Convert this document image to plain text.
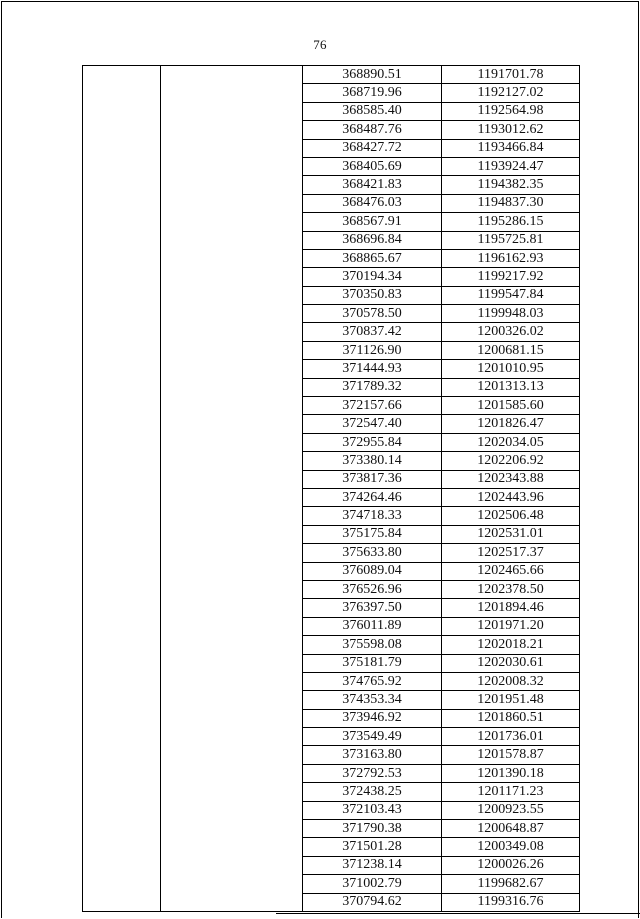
76
		368890.51	1191701.78
		368719.96	1192127.02
		368585.40	1192564.98
		368487.76	1193012.62
		368427.72	1193466.84
		368405.69	1193924.47
		368421.83	1194382.35
		368476.03	1194837.30
		368567.91	1195286.15
		368696.84	1195725.81
		368865.67	1196162.93
		370194.34	1199217.92
		370350.83	1199547.84
		370578.50	1199948.03
		370837.42	1200326.02
		371126.90	1200681.15
		371444.93	1201010.95
		371789.32	1201313.13
		372157.66	1201585.60
		372547.40	1201826.47
		372955.84	1202034.05
		373380.14	1202206.92
		373817.36	1202343.88
		374264.46	1202443.96
		374718.33	1202506.48
		375175.84	1202531.01
		375633.80	1202517.37
		376089.04	1202465.66
		376526.96	1202378.50
		376397.50	1201894.46
		376011.89	1201971.20
		375598.08	1202018.21
		375181.79	1202030.61
		374765.92	1202008.32
		374353.34	1201951.48
		373946.92	1201860.51
		373549.49	1201736.01
		373163.80	1201578.87
		372792.53	1201390.18
		372438.25	1201171.23
		372103.43	1200923.55
		371790.38	1200648.87
		371501.28	1200349.08
		371238.14	1200026.26
		371002.79	1199682.67
		370794.62	1199316.76
